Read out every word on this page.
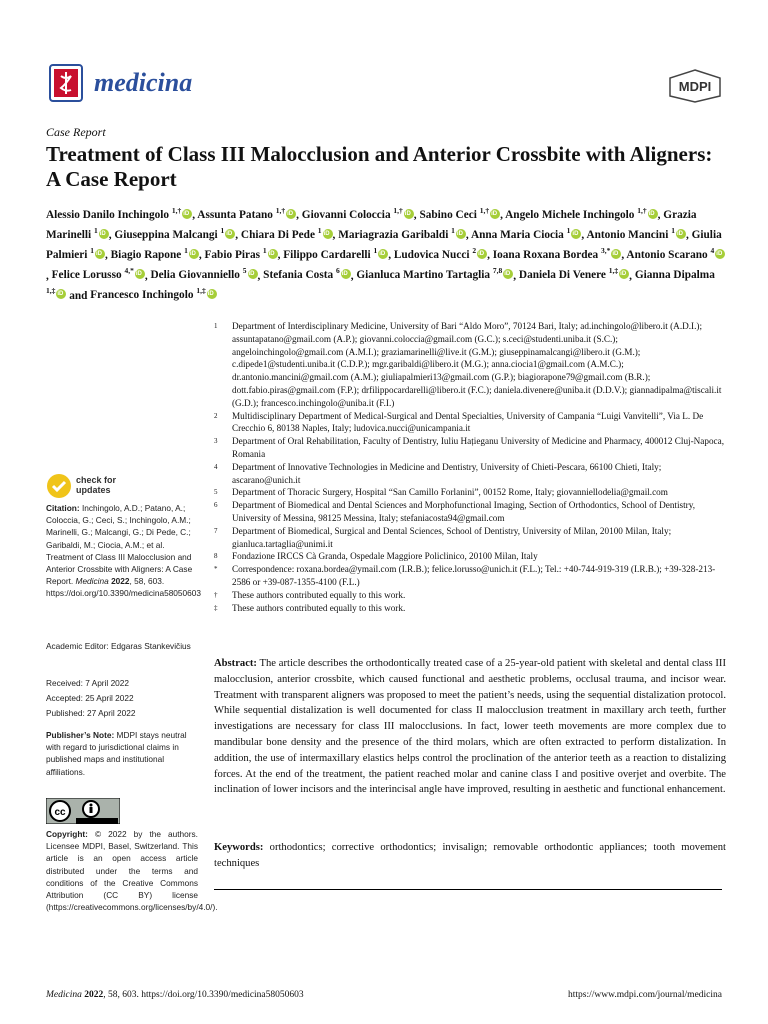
medicina	MDPI
Case Report
Treatment of Class III Malocclusion and Anterior Crossbite with Aligners: A Case Report
Alessio Danilo Inchingolo $^{1,\dagger}$ iD , Assunta Patano $^{1,\dagger}$ iD , Giovanni Coloccia $^{1,\dagger}$ iD , Sabino Ceci $^{1,\dagger}$ iD , Angelo Michele Inchingolo $^{1,\dagger}$ iD , Grazia Marinelli $^1$ iD , Giuseppina Malcangi $^1$ iD , Chiara Di Pede $^1$ iD , Mariagrazia Garibaldi $^1$ iD , Anna Maria Ciocia $^1$ iD , Antonio Mancini $^1$ iD , Giulia Palmieri $^1$ iD , Biagio Rapone $^1$ iD , Fabio Piras $^1$ iD , Filippo Cardarelli $^1$ iD , Ludovica Nucci $^2$ iD , Ioana Roxana Bordea $^{3,*}$ iD , Antonio Scarano $^4$iD, Felice Lorusso $^{4,*}$ iD , Delia Giovanniello $^5$ iD , Stefania Costa $^6$ iD , Gianluca Martino Tartaglia $^{7,8}$ iD , Daniela Di Venere $^{1,\ddagger}$ iD , Gianna Dipalma $^{1,\ddagger}$iD and Francesco Inchingolo $^{1,\ddagger}$iD
1	Department of Interdisciplinary Medicine, University of Bari “Aldo Moro”, 70124 Bari, Italy; ad.inchingolo@libero.it (A.D.I.); assuntapatano@gmail.com (A.P.); giovanni.coloccia@gmail.com (G.C.); s.ceci@studenti.uniba.it (S.C.); angeloinchingolo@gmail.com (A.M.I.); graziamarinelli@live.it (G.M.); giuseppinamalcangi@libero.it (G.M.); c.dipede1@studenti.uniba.it (C.D.P.); mgr.garibaldi@libero.it (M.G.); anna.ciocia1@gmail.com (A.M.C.); dr.antonio.mancini@gmail.com (A.M.); giuliapalmieri13@gmail.com (G.P.); biagiorapone79@gmail.com (B.R.); dott.fabio.piras@gmail.com (F.P.); drfilippocardarelli@libero.it (F.C.); daniela.divenere@uniba.it (D.D.V.); giannadipalma@tiscali.it (G.D.); francesco.inchingolo@uniba.it (F.I.)
2	Multidisciplinary Department of Medical-Surgical and Dental Specialties, University of Campania “Luigi Vanvitelli”, Via L. De Crecchio 6, 80138 Naples, Italy; ludovica.nucci@unicampania.it
3	Department of Oral Rehabilitation, Faculty of Dentistry, Iuliu Hațieganu University of Medicine and Pharmacy, 400012 Cluj-Napoca, Romania
4	Department of Innovative Technologies in Medicine and Dentistry, University of Chieti-Pescara, 66100 Chieti, Italy; ascarano@unich.it
5	Department of Thoracic Surgery, Hospital “San Camillo Forlanini”, 00152 Rome, Italy; giovanniellodelia@gmail.com
6	Department of Biomedical and Dental Sciences and Morphofunctional Imaging, Section of Orthodontics, School of Dentistry, University of Messina, 98125 Messina, Italy; stefaniacosta94@gmail.com
7	Department of Biomedical, Surgical and Dental Sciences, School of Dentistry, University of Milan, 20100 Milan, Italy; gianluca.tartaglia@unimi.it
8	Fondazione IRCCS Cà Granda, Ospedale Maggiore Policlinico, 20100 Milan, Italy
*	Correspondence: roxana.bordea@ymail.com (I.R.B.); felice.lorusso@unich.it (F.L.); Tel.: +40-744-919-319 (I.R.B.); +39-328-213-2586 or +39-087-1355-4100 (F.L.)
†	These authors contributed equally to this work.
‡	These authors contributed equally to this work.
check for updates
Citation: Inchingolo, A.D.; Patano, A.; Coloccia, G.; Ceci, S.; Inchingolo, A.M.; Marinelli, G.; Malcangi, G.; Di Pede, C.; Garibaldi, M.; Ciocia, A.M.; et al. Treatment of Class III Malocclusion and Anterior Crossbite with Aligners: A Case Report. Medicina 2022, 58, 603. https://doi.org/10.3390/medicina58050603
Academic Editor: Edgaras Stankevičius
Received: 7 April 2022
Accepted: 25 April 2022
Published: 27 April 2022
Publisher’s Note: MDPI stays neutral with regard to jurisdictional claims in published maps and institutional affiliations.
cc
Copyright: © 2022 by the authors. Licensee MDPI, Basel, Switzerland. This article is an open access article distributed under the terms and conditions of the Creative Commons Attribution (CC BY) license (https://creativecommons.org/licenses/by/4.0/).
Abstract: The article describes the orthodontically treated case of a 25-year-old patient with skeletal and dental class III malocclusion, anterior crossbite, which caused functional and aesthetic problems, occlusal trauma, and incisor wear. Treatment with transparent aligners was proposed to meet the patient’s needs, using the sequential distalization protocol. While sequential distalization is well documented for class II malocclusion treatment in maxillary arch teeth, further investigations are necessary for class III malocclusions. In fact, lower teeth movements are more complex due to mandibular bone density and the presence of the third molars, which are often extracted to perform distalization. In addition, the use of intermaxillary elastics helps control the proclination of the anterior teeth as a reaction to distalizing forces. At the end of the treatment, the patient reached molar and canine class I and positive overjet and overbite. The inclination of lower incisors and the interincisal angle have improved, resulting in aesthetic and functional enhancement.
Keywords: orthodontics; corrective orthodontics; invisalign; removable orthodontic appliances; tooth movement techniques
Medicina 2022, 58, 603. https://doi.org/10.3390/medicina58050603	https://www.mdpi.com/journal/medicina
